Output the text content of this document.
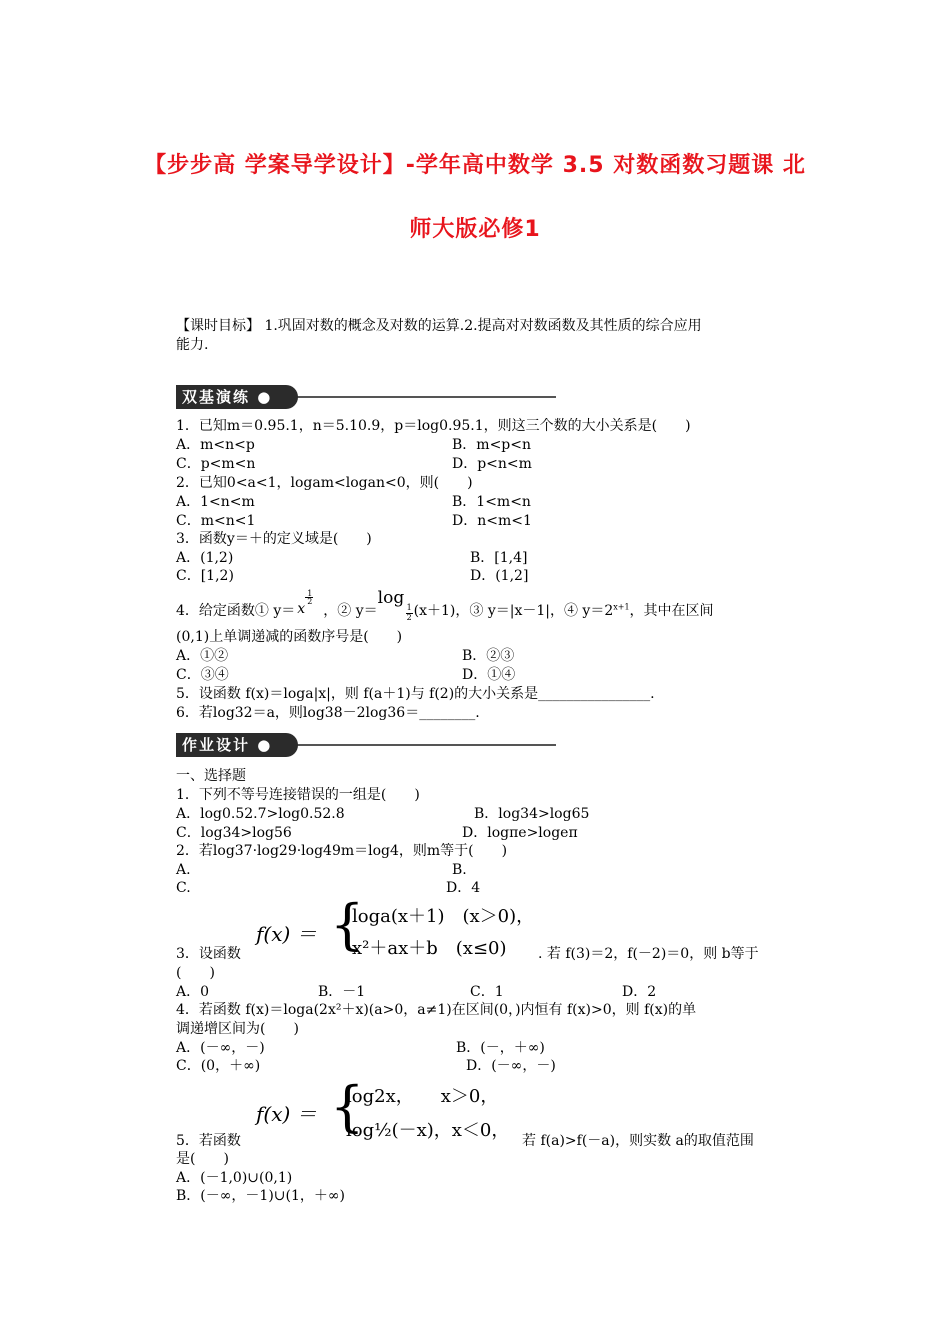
【步步高 学案导学设计】-学年高中数学 3.5 对数函数习题课 北
师大版必修1
【课时目标】 1.巩固对数的概念及对数的运算.2.提高对对数函数及其性质的综合应用
能力.
双基演练 ●
1．已知m＝0.95.1，n＝5.10.9，p＝log0.95.1，则这三个数的大小关系是(　　)
A．m<n<p	B．m<p<n
C．p<m<n	D．p<n<m
2．已知0<a<1，logam<logan<0，则(　　)
A．1<n<m	B．1<m<n
C．m<n<1	D．n<m<1
3．函数y＝＋的定义域是(　　)
A．(1,2)	B．[1,4]
C．[1,2)	D．(1,2]
4．给定函数① y＝ x
1
2
，② y＝
log 1
2 (x＋1)，③ y＝|x－1|，④ $y=2^{x+1}$，其中在区间
(0,1)上单调递减的函数序号是(　　)
A．①②	B．②③
C．③④	D．①④
5．设函数 f(x)＝loga|x|，则 f(a＋1)与 f(2)的大小关系是________________.
6．若log32＝a，则log38－2log36＝________.
作业设计 ●
一、选择题
1．下列不等号连接错误的一组是(　　)
A．log0.52.7>log0.52.8	B．log34>log65
C．log34>log56	D．logπe>logeπ
2．若log37·log29·log49m＝log4，则m等于(　　)
A.	B.
C.	D．4
f(x) ＝ {
loga(x＋1)　(x＞0)，
x²＋ax＋b　(x≤0)
3．设函数	. 若 f(3)＝2，f(－2)＝0，则 b等于
(　　)
A．0	B．－1	C．1	D．2
4．若函数 f(x)＝loga(2x²＋x)(a>0，a≠1)在区间(0，)内恒有 f(x)>0，则 f(x)的单
调递增区间为(　　)
A．(－∞，－)	B．(－，＋∞)
C．(0，＋∞)	D．(－∞，－)
f(x) ＝ {
log2x，　　x＞0，
log½(－x)，x＜0，
5．若函数	若 f(a)>f(－a)，则实数 a的取值范围
是(　　)
A．(－1,0)∪(0,1)
B．(－∞，－1)∪(1，＋∞)
